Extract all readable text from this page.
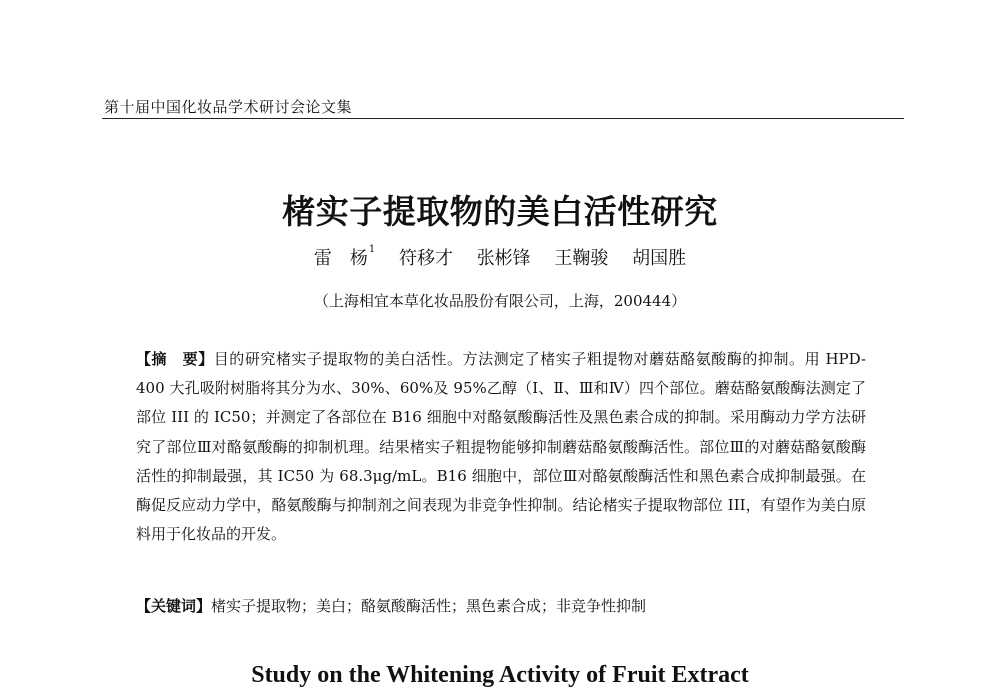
第十届中国化妆品学术研讨会论文集
楮实子提取物的美白活性研究
雷　杨$^1$ 符移才 张彬锋 王鞠骏 胡国胜
（上海相宜本草化妆品股份有限公司，上海，200444）

【摘　要】目的研究楮实子提取物的美白活性。方法测定了楮实子粗提物对蘑菇酪氨酸酶的抑制。用 HPD-400 大孔吸附树脂将其分为水、30%、60%及 95%乙醇（Ⅰ、Ⅱ、Ⅲ和Ⅳ）四个部位。蘑菇酪氨酸酶法测定了部位 III 的 IC50；并测定了各部位在 B16 细胞中对酪氨酸酶活性及黑色素合成的抑制。采用酶动力学方法研究了部位Ⅲ对酪氨酸酶的抑制机理。结果楮实子粗提物能够抑制蘑菇酪氨酸酶活性。部位Ⅲ的对蘑菇酪氨酸酶活性的抑制最强，其 IC50 为 68.3μg/mL。B16 细胞中，部位Ⅲ对酪氨酸酶活性和黑色素合成抑制最强。在酶促反应动力学中，酪氨酸酶与抑制剂之间表现为非竞争性抑制。结论楮实子提取物部位 III，有望作为美白原料用于化妆品的开发。

【关键词】楮实子提取物；美白；酪氨酸酶活性；黑色素合成；非竞争性抑制
Study on the Whitening Activity of Fruit Extract
